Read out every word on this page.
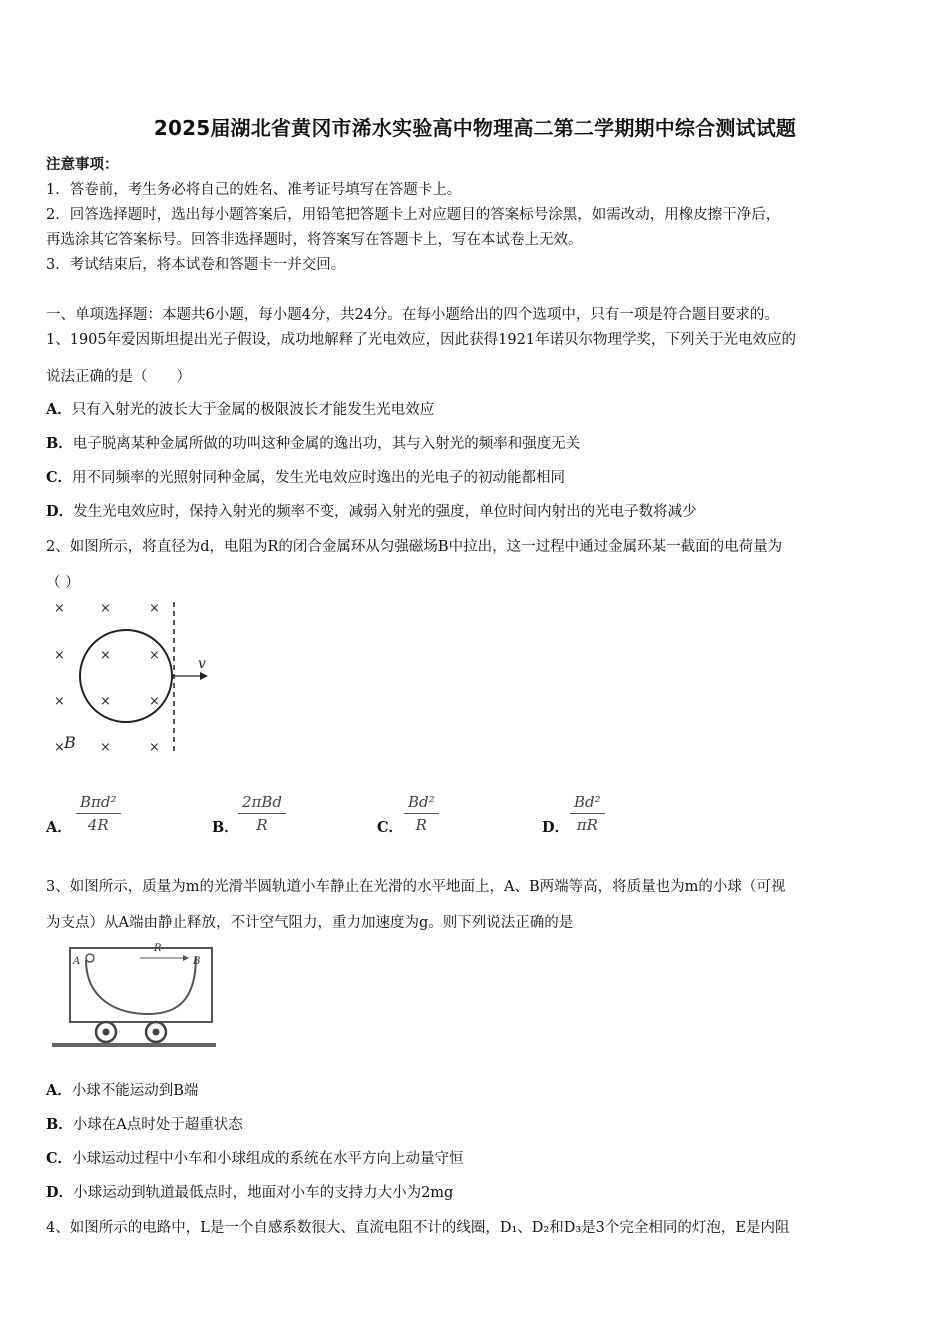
2025届湖北省黄冈市浠水实验高中物理高二第二学期期中综合测试试题
注意事项：
1．答卷前，考生务必将自己的姓名、准考证号填写在答题卡上。
2．回答选择题时，选出每小题答案后，用铅笔把答题卡上对应题目的答案标号涂黑，如需改动，用橡皮擦干净后，
再选涂其它答案标号。回答非选择题时，将答案写在答题卡上，写在本试卷上无效。
3．考试结束后，将本试卷和答题卡一并交回。
一、单项选择题：本题共6小题，每小题4分，共24分。在每小题给出的四个选项中，只有一项是符合题目要求的。
1、1905年爱因斯坦提出光子假设，成功地解释了光电效应，因此获得1921年诺贝尔物理学奖，下列关于光电效应的
说法正确的是（　　）
A．只有入射光的波长大于金属的极限波长才能发生光电效应
B．电子脱离某种金属所做的功叫这种金属的逸出功，其与入射光的频率和强度无关
C．用不同频率的光照射同种金属，发生光电效应时逸出的光电子的初动能都相同
D．发生光电效应时，保持入射光的频率不变，减弱入射光的强度，单位时间内射出的光电子数将减少
2、如图所示，将直径为d，电阻为R的闭合金属环从匀强磁场B中拉出，这一过程中通过金属环某一截面的电荷量为
（ ）
×	×	×
×	×	×
×	×	×
×	×	×
B
v
A．
Bπd²
4R	B．
2πBd
R	C． $\frac{\text{Bd²}}{R}$	D． $\frac{\text{Bd²}}{\pi R}$
3、如图所示，质量为m的光滑半圆轨道小车静止在光滑的水平地面上，A、B两端等高，将质量也为m的小球（可视
为支点）从A端由静止释放，不计空气阻力，重力加速度为g。则下列说法正确的是
A	B
R
A．小球不能运动到B端
B．小球在A点时处于超重状态
C．小球运动过程中小车和小球组成的系统在水平方向上动量守恒
D．小球运动到轨道最低点时，地面对小车的支持力大小为2mg
4、如图所示的电路中，L是一个自感系数很大、直流电阻不计的线圈，D₁、D₂和D₃是3个完全相同的灯泡，E是内阻
